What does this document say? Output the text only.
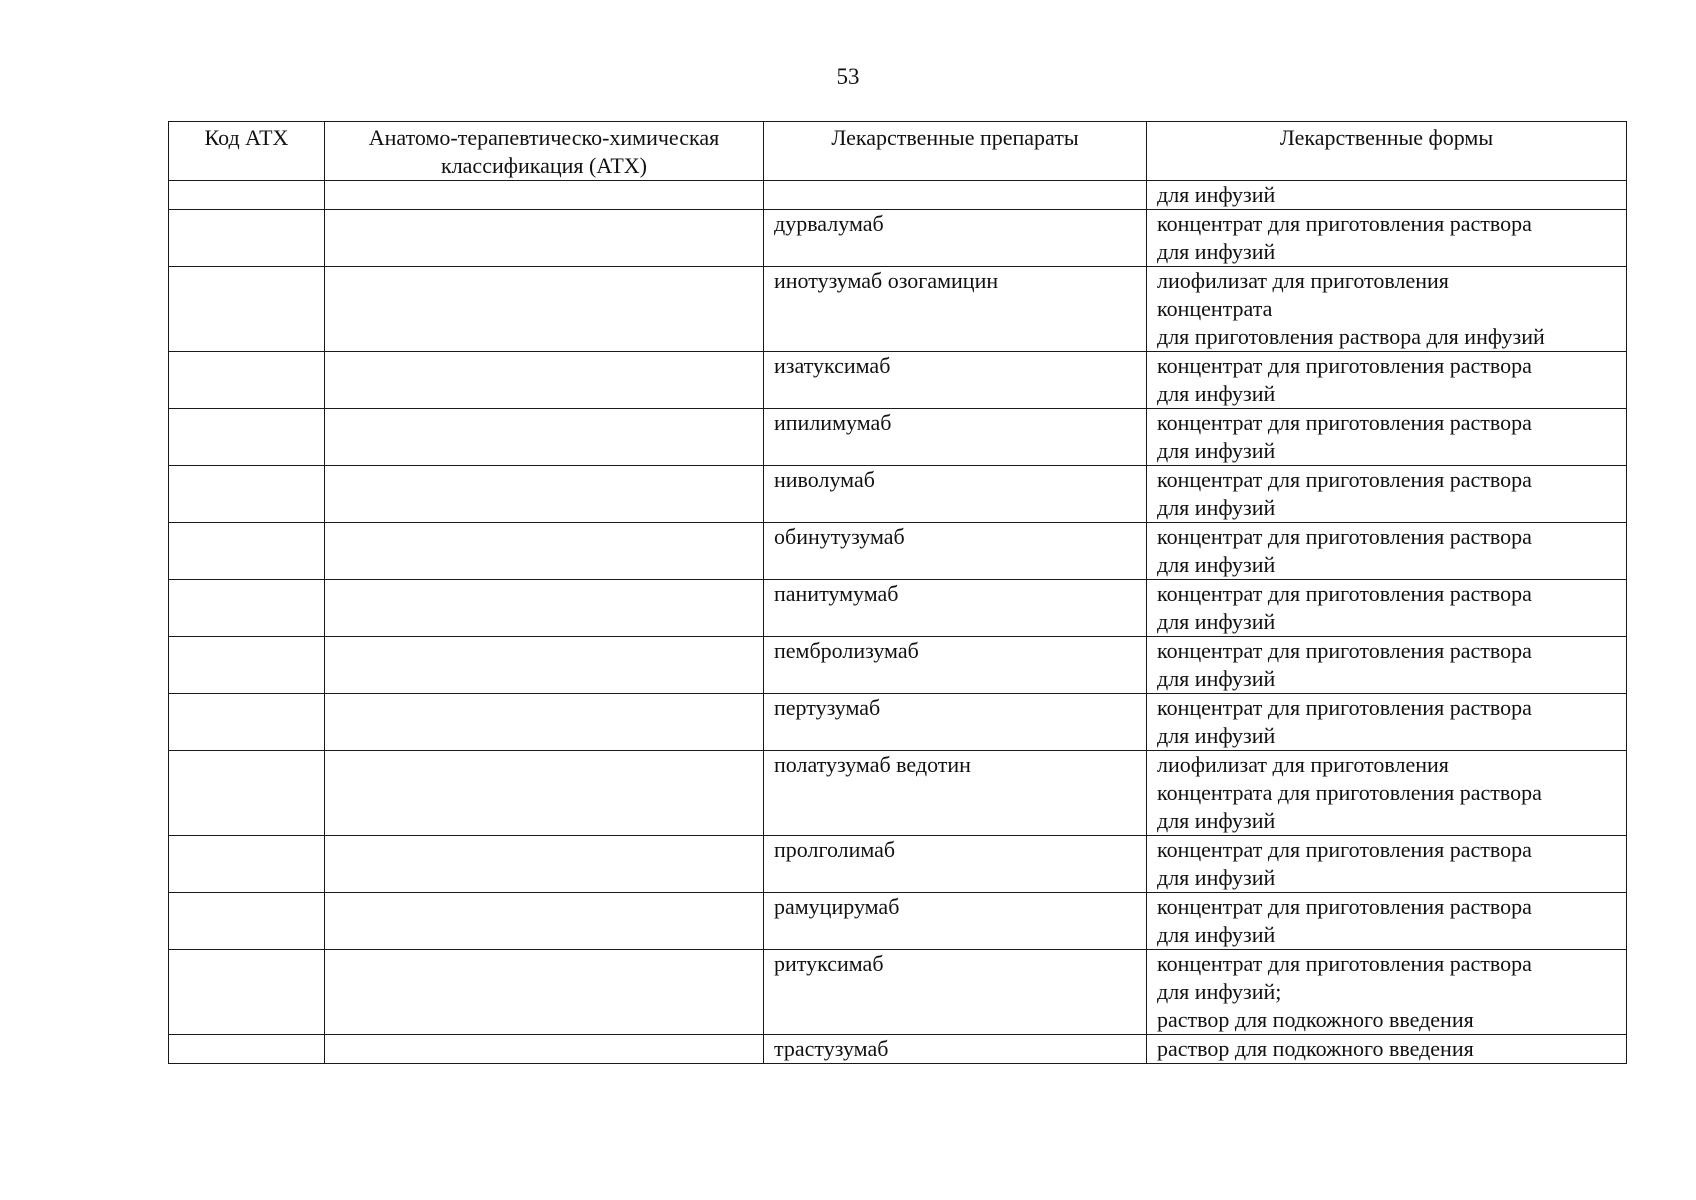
53
Код АТХ	Анатомо-терапевтическо-химическая классификация (АТХ)	Лекарственные препараты	Лекарственные формы

			для инфузий

		дурвалумаб	концентрат для приготовления раствора
для инфузий

		инотузумаб озогамицин	лиофилизат для приготовления
концентрата
для приготовления раствора для инфузий

		изатуксимаб	концентрат для приготовления раствора
для инфузий

		ипилимумаб	концентрат для приготовления раствора
для инфузий

		ниволумаб	концентрат для приготовления раствора
для инфузий

		обинутузумаб	концентрат для приготовления раствора
для инфузий

		панитумумаб	концентрат для приготовления раствора
для инфузий

		пембролизумаб	концентрат для приготовления раствора
для инфузий

		пертузумаб	концентрат для приготовления раствора
для инфузий

		полатузумаб ведотин	лиофилизат для приготовления
концентрата для приготовления раствора
для инфузий

		пролголимаб	концентрат для приготовления раствора
для инфузий

		рамуцирумаб	концентрат для приготовления раствора
для инфузий

		ритуксимаб	концентрат для приготовления раствора
для инфузий;
раствор для подкожного введения

		трастузумаб	раствор для подкожного введения
